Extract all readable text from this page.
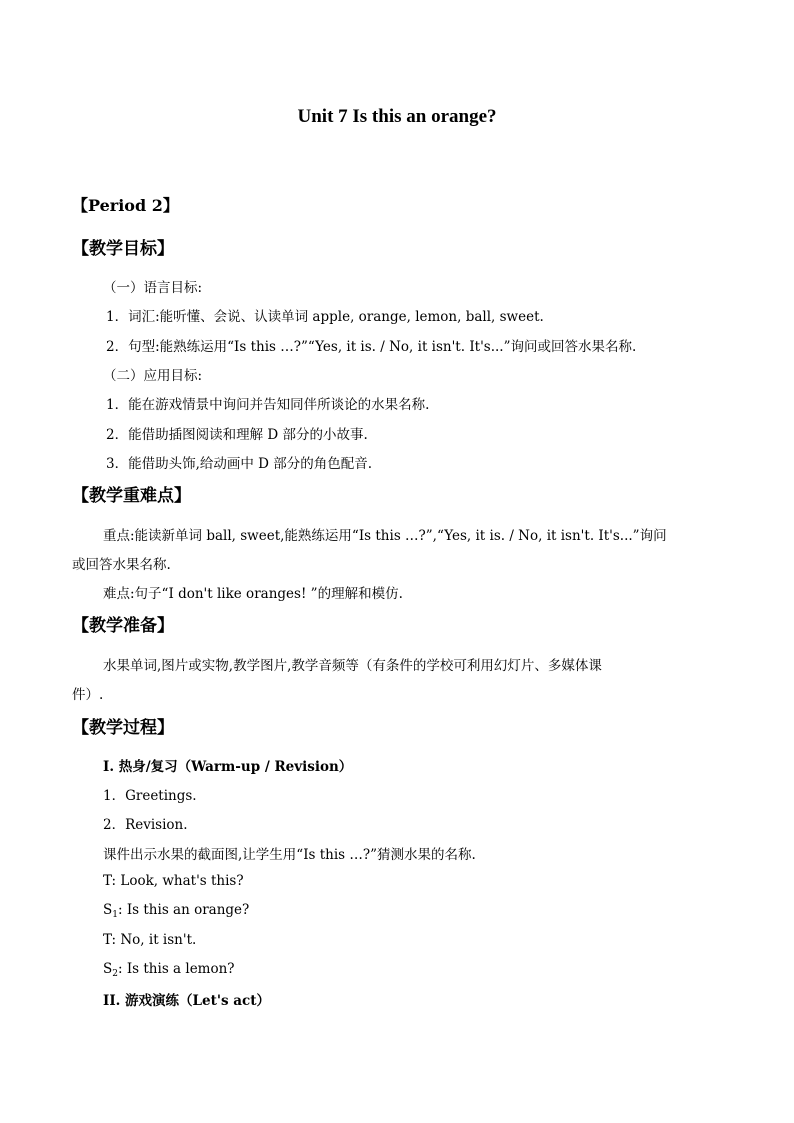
Unit 7 Is this an orange?
【Period 2】
【教学目标】
（一）语言目标:
1．词汇:能听懂、会说、认读单词 apple, orange, lemon, ball, sweet.
2．句型:能熟练运用“Is this …?”“Yes, it is. / No, it isn't. It's...”询问或回答水果名称.
（二）应用目标:
1．能在游戏情景中询问并告知同伴所谈论的水果名称.
2．能借助插图阅读和理解 D 部分的小故事.
3．能借助头饰,给动画中 D 部分的角色配音.
【教学重难点】
重点:能读新单词 ball, sweet,能熟练运用“Is this …?”,“Yes, it is. / No, it isn't. It's...”询问
或回答水果名称.
难点:句子“I don't like oranges! ”的理解和模仿.
【教学准备】
水果单词,图片或实物,教学图片,教学音频等（有条件的学校可利用幻灯片、多媒体课
件）.
【教学过程】
I. 热身/复习（Warm-up / Revision）
1．Greetings.
2．Revision.
课件出示水果的截面图,让学生用“Is this …?”猜测水果的名称.
T: Look, what's this?
$S_1$: Is this an orange?
T: No, it isn't.
$S_2$: Is this a lemon?
II. 游戏演练（Let's act）
